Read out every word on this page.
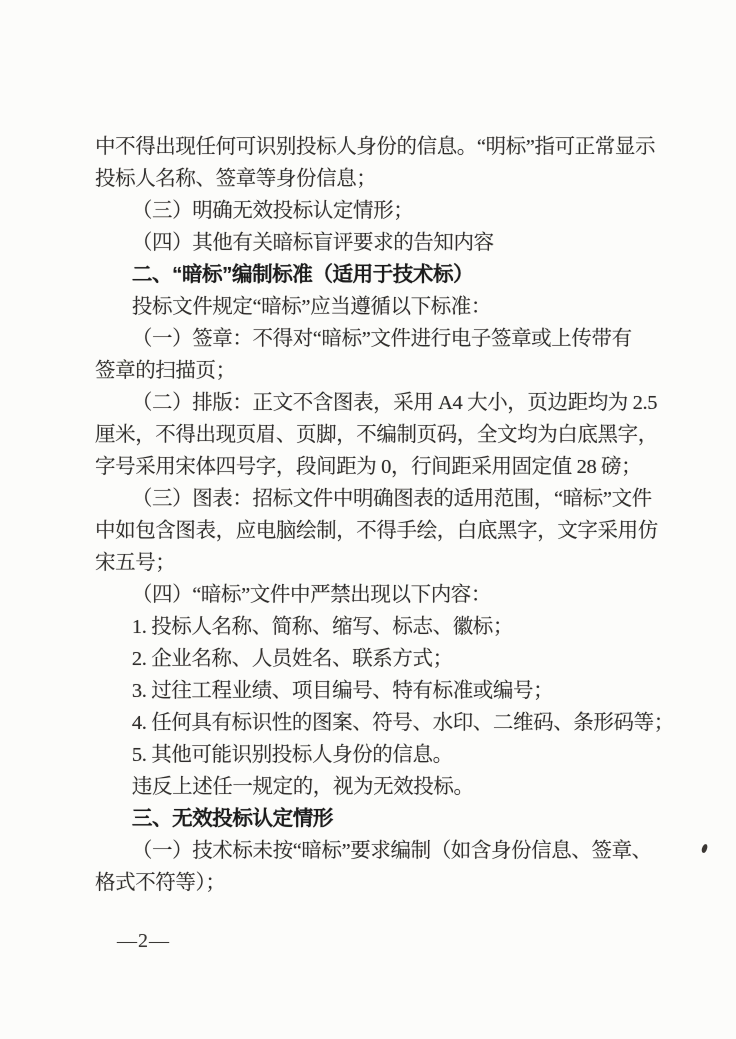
中不得出现任何可识别投标人身份的信息。“明标”指可正常显示

投标人名称、签章等身份信息；

（三）明确无效投标认定情形；

（四）其他有关暗标盲评要求的告知内容

二、“暗标”编制标准（适用于技术标）

投标文件规定“暗标”应当遵循以下标准：

（一）签章：不得对“暗标”文件进行电子签章或上传带有

签章的扫描页；

（二）排版：正文不含图表，采用 A4 大小，页边距均为 2.5

厘米，不得出现页眉、页脚，不编制页码，全文均为白底黑字，

字号采用宋体四号字，段间距为 0，行间距采用固定值 28 磅；

（三）图表：招标文件中明确图表的适用范围，“暗标”文件

中如包含图表，应电脑绘制，不得手绘，白底黑字，文字采用仿

宋五号；

（四）“暗标”文件中严禁出现以下内容：

1. 投标人名称、简称、缩写、标志、徽标；

2. 企业名称、人员姓名、联系方式；

3. 过往工程业绩、项目编号、特有标准或编号；

4. 任何具有标识性的图案、符号、水印、二维码、条形码等；

5. 其他可能识别投标人身份的信息。

违反上述任一规定的，视为无效投标。

三、无效投标认定情形

（一）技术标未按“暗标”要求编制（如含身份信息、签章、

格式不符等）；

—2—
